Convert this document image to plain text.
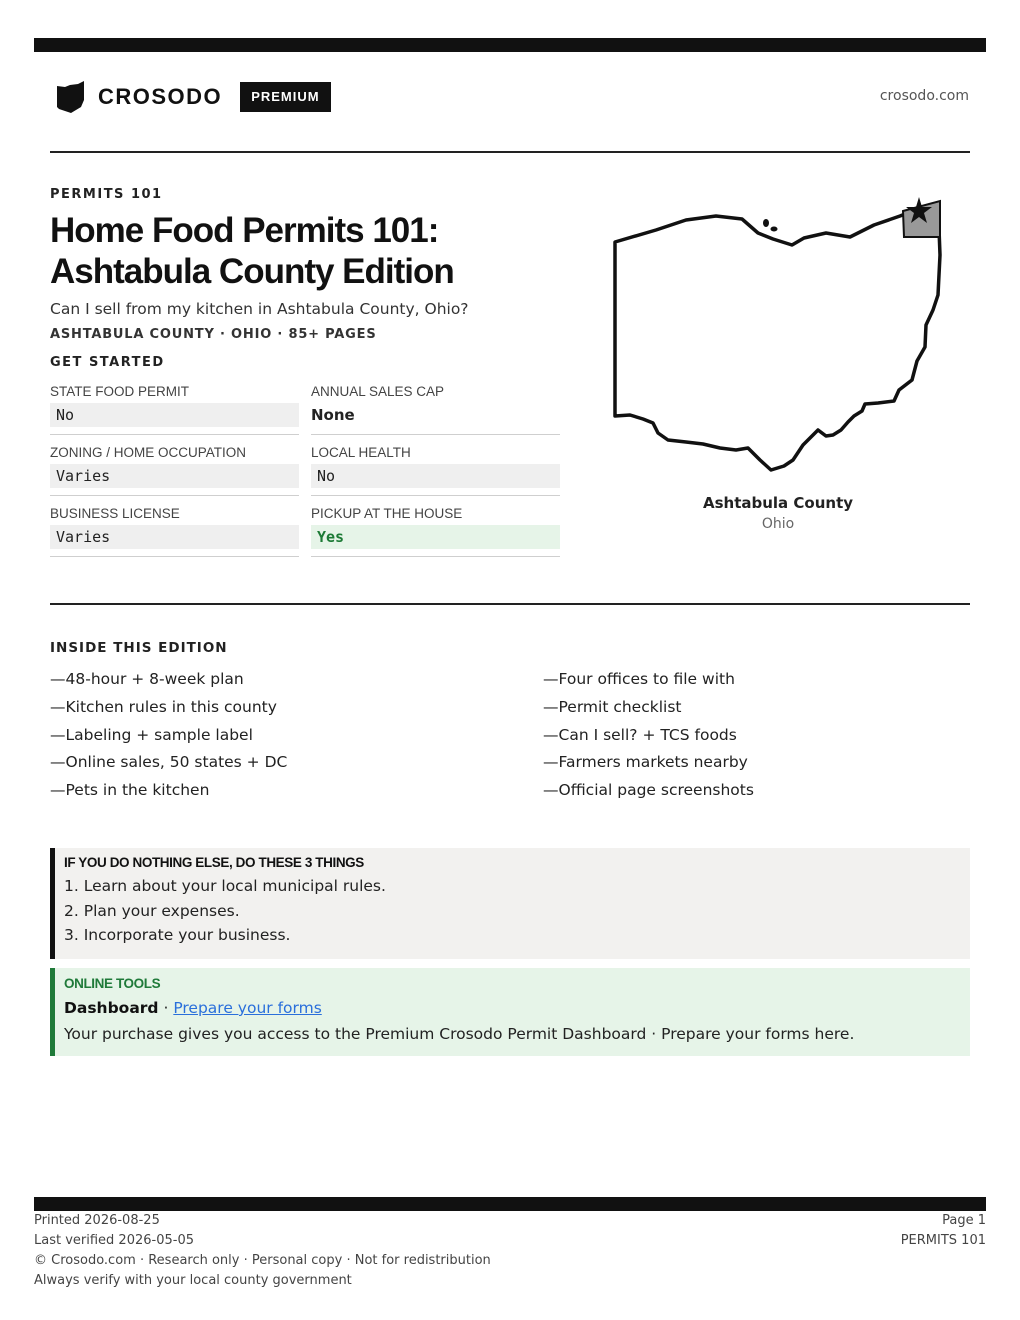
CROSODO	PREMIUM	crosodo.com
PERMITS 101
Home Food Permits 101:
Ashtabula County Edition
Can I sell from my kitchen in Ashtabula County, Ohio?
ASHTABULA COUNTY · OHIO · 85+ PAGES
GET STARTED
STATE FOOD PERMIT
No
ANNUAL SALES CAP
None
ZONING / HOME OCCUPATION
Varies
LOCAL HEALTH
No
BUSINESS LICENSE
Varies
PICKUP AT THE HOUSE
Yes
Ashtabula County
Ohio
INSIDE THIS EDITION
—48-hour + 8-week plan
—Kitchen rules in this county
—Labeling + sample label
—Online sales, 50 states + DC
—Pets in the kitchen
—Four offices to file with
—Permit checklist
—Can I sell? + TCS foods
—Farmers markets nearby
—Official page screenshots
IF YOU DO NOTHING ELSE, DO THESE 3 THINGS
1. Learn about your local municipal rules.
2. Plan your expenses.
3. Incorporate your business.
ONLINE TOOLS
Dashboard · Prepare your forms
Your purchase gives you access to the Premium Crosodo Permit Dashboard · Prepare your forms here.
Printed 2026-08-25
Last verified 2026-05-05
© Crosodo.com · Research only · Personal copy · Not for redistribution
Always verify with your local county government
Page 1
PERMITS 101
